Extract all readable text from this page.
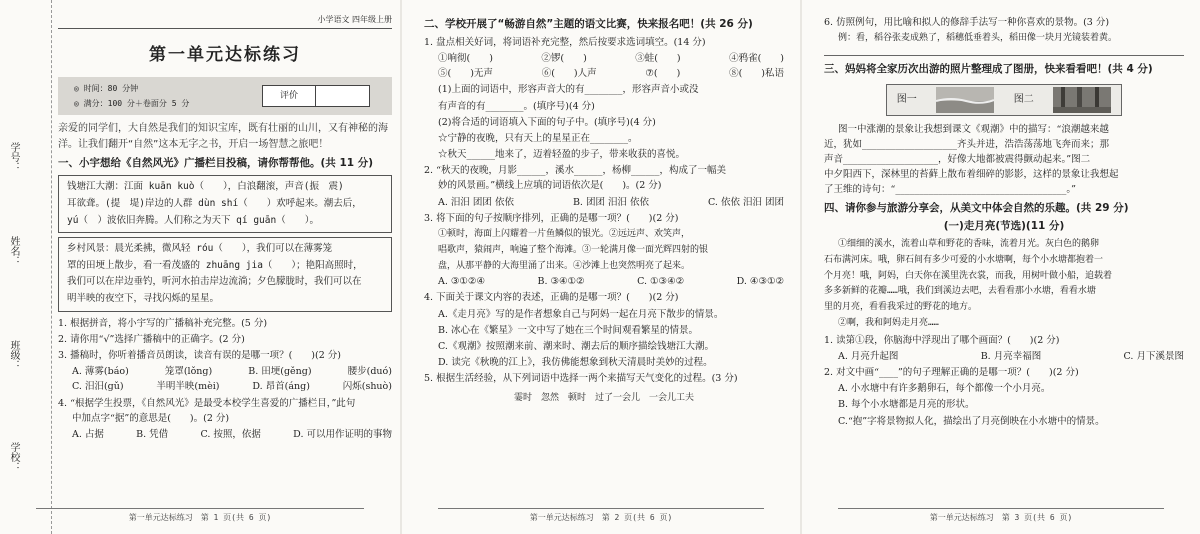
学号：
姓名：
班级：
学校：
小学语文 四年级上册
第一单元达标练习
◎ 时间：80 分钟
◎ 满分：100 分＋卷面分 5 分
评价
亲爱的同学们，大自然是我们的知识宝库，既有壮丽的山川，又有神秘的海洋。让我们翻开“自然”这本无字之书，开启一场智慧之旅吧！
一、小宇想给《自然风光》广播栏目投稿，请你帮帮他。(共 11 分)
钱塘江大潮：江面 kuān kuò（　　），白浪翻滚，声音(振　震)
耳欲聋。(提　堤)岸边的人群 dùn shí（　　）欢呼起来。潮去后，
yú（　）波依旧奔腾。人们称之为天下 qí guān（　　）。
乡村风景：晨光柔拂，微风轻 róu（　　），我们可以在薄雾笼
罩的田埂上散步，看一看茂盛的 zhuāng jia（　　）；艳阳高照时，
我们可以在岸边垂钓，听河水拍击岸边流淌；夕色朦胧时，我们可以在
明半映的夜空下，寻找闪烁的星星。
1. 根据拼音，将小宇写的广播稿补充完整。(5 分)
2. 请你用“√”选择广播稿中的正确字。(2 分)
3. 播稿时，你听着播音员朗读，读音有误的是哪一项？(　　)(2 分)
A. 薄雾(báo)	笼罩(lǒng)	B. 田埂(gěng)	腰步(duó)
C. 汨汨(gǔ)	半明半映(mèi)	D. 昂首(áng)	闪烁(shuò)
4. “根据学生投票，《自然风光》是最受本校学生喜爱的广播栏目，”此句
中加点字“据”的意思是(　　)。(2 分)
A. 占据	B. 凭借	C. 按照，依据	D. 可以用作证明的事物
第一单元达标练习　第 1 页(共 6 页)
二、学校开展了“畅游自然”主题的语文比赛，快来报名吧！(共 26 分)
1. 盘点相关好词，将词语补充完整，然后按要求选词填空。(14 分)
①响彻(　　)	②锣(　　)	③蛙(　　)	④鸦雀(　　)
⑤(　　)无声	⑥(　　)人声	⑦(　　)	⑧(　　)私语
(1)上面的词语中，形容声音大的有________，形容声音小或没
有声音的有________。(填序号)(4 分)
(2)将合适的词语填入下面的句子中。(填序号)(4 分)
☆宁静的夜晚，只有天上的星星正在________。
☆秋天______地来了，迈着轻盈的步子，带来收获的喜悦。
2. “秋天的夜晚，月影______，溪水______，杨柳______，构成了一幅美
妙的风景画。”横线上应填的词语依次是(　　)。(2 分)
A. 汨汨 团团 依依	B. 团团 汨汨 依依	C. 依依 汨汨 团团
3. 将下面的句子按顺序排列，正确的是哪一项？(　　)(2 分)
①顿时，海面上闪耀着一片鱼鳞似的银光。②远远声、欢笑声，
唱歌声，猿闹声，响遍了整个海滩。③一轮满月像一面光辉四射的银
盘，从那平静的大海里涌了出来。④沙滩上也突然明亮了起来。
A. ③①②④	B. ③④①②	C. ①③④②	D. ④③①②
4. 下面关于课文内容的表述，正确的是哪一项？(　　)(2 分)
A.《走月亮》写的是作者想象自己与阿妈一起在月亮下散步的情景。
B. 冰心在《繁星》一文中写了她在三个时间观看繁星的情景。
C.《观潮》按照潮来前、潮来时、潮去后的顺序描绘钱塘江大潮。
D. 读完《秋晚的江上》，我仿佛能想象到秋天清晨时美妙的过程。
5. 根据生活经验，从下列词语中选择一两个来描写天气变化的过程。(3 分)
霎时　忽然　顿时　过了一会儿　一会儿工夫
第一单元达标练习　第 2 页(共 6 页)
6. 仿照例句，用比喻和拟人的修辞手法写一种你喜欢的景物。(3 分)
例：看，稻谷张麦成熟了，稻穗低垂着头，稻田像一块月光镜装着黄。
三、妈妈将全家历次出游的照片整理成了图册，快来看看吧！(共 4 分)
图一	图二
图一中涨潮的景象让我想到课文《观潮》中的描写：“浪潮越来越
近，犹如____________________齐头并进，浩浩荡荡地飞奔而来；那
声音____________________，好像大地都被震得颤动起来。”图二
中夕阳西下，深林里的苔藓上散布着细碎的影影，这样的景象让我想起
了王维的诗句：“____________________________________。”
四、请你参与旅游分享会，从美文中体会自然的乐趣。(共 29 分)
(一)走月亮(节选)(11 分)
①细细的溪水，流着山草和野花的香味，流着月光。灰白色的鹅卵
石布满河床。哦，卵石间有多少可爱的小水塘啊，每个小水塘都抱着一
个月亮！哦，阿妈，白天你在溪里洗衣裳，而我，用树叶做小船，追载着
多多新鲜的花瓣……哦，我们到溪边去吧，去看看那小水塘，看看水塘
里的月亮，看看我采过的野花的地方。
②啊，我和阿妈走月亮……
1. 读第①段，你脑海中浮现出了哪个画面？(　　)(2 分)
A. 月亮升起图	B. 月亮幸福图	C. 月下溪景图
2. 对文中画“____”的句子理解正确的是哪一项？(　　)(2 分)
A. 小水塘中有许多鹅卵石，每个都像一个小月亮。
B. 每个小水塘都是月亮的形状。
C.“抱”字将景物拟人化，描绘出了月亮倒映在小水塘中的情景。
第一单元达标练习　第 3 页(共 6 页)
